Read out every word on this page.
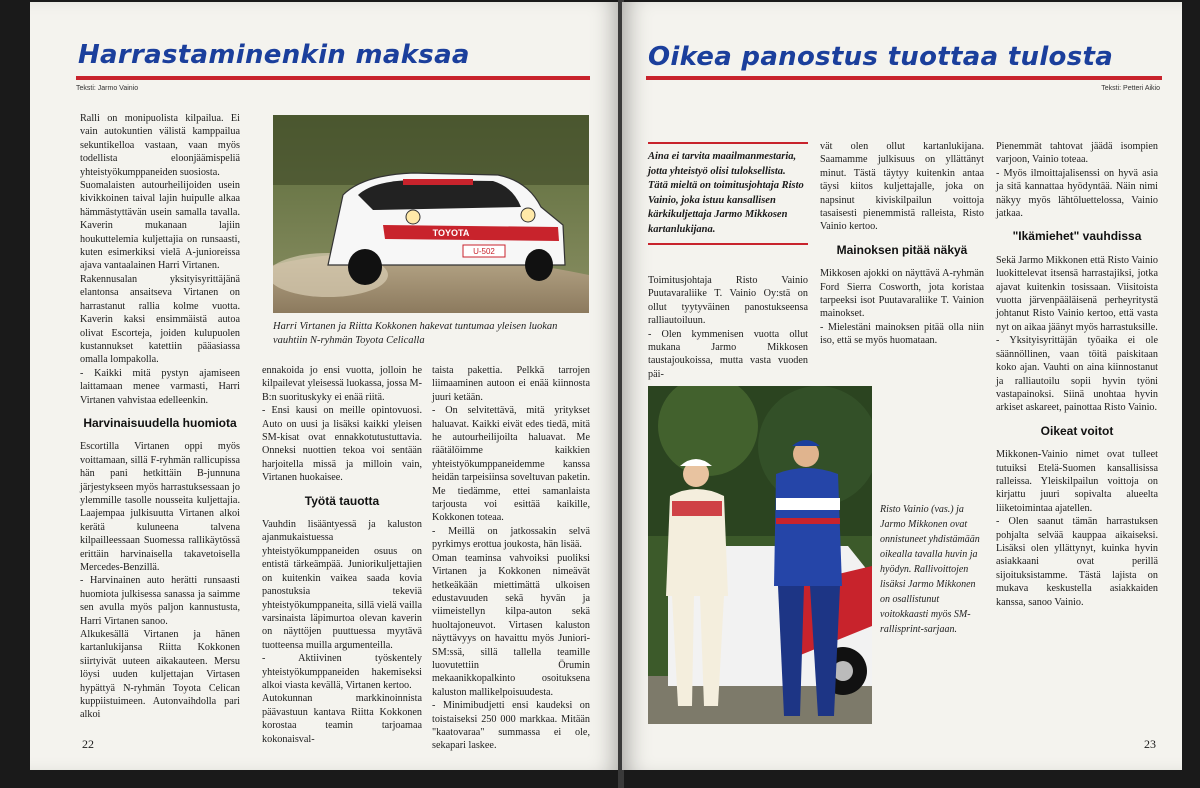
Harrastaminenkin maksaa
Teksti: Jarmo Vainio

Ralli on monipuolista kilpailua. Ei vain autokuntien välistä kamppailua sekuntikelloa vastaan, vaan myös todellista eloonjäämispeliä yhteistyökumppaneiden suosiosta.

Suomalaisten autourheilijoiden usein kivikkoinen taival lajin huipulle alkaa hämmästyttävän usein samalla tavalla. Kaverin mukanaan lajiin houkuttelemia kuljettajia on runsaasti, kuten esimerkiksi vielä A-junioreissa ajava vantaalainen Harri Virtanen.

Rakennusalan yksityisyrittäjänä elantonsa ansaitseva Virtanen on harrastanut rallia kolme vuotta. Kaverin kaksi ensimmäistä autoa olivat Escorteja, joiden kulupuolen kustannukset katettiin pääasiassa omalla lompakolla.

- Kaikki mitä pystyn ajamiseen laittamaan menee varmasti, Harri Virtanen vahvistaa edelleenkin.

Harvinaisuudella huomiota

Escortilla Virtanen oppi myös voittamaan, sillä F-ryhmän rallicupissa hän pani hetkittäin B-junnuna järjestykseen myös harrastuksessaan jo ylemmille tasolle nousseita kuljettajia. Laajempaa julkisuutta Virtanen alkoi kerätä kuluneena talvena kilpailleessaan Suomessa rallikäytössä erittäin harvinaisella takavetoisella Mercedes-Benzillä.

- Harvinainen auto herätti runsaasti huomiota julkisessa sanassa ja saimme sen avulla myös paljon kannustusta, Harri Virtanen sanoo.

Alkukesällä Virtanen ja hänen kartanlukijansa Riitta Kokkonen siirtyivät uuteen aikakauteen. Mersu löysi uuden kuljettajan Virtasen hypättyä N-ryhmän Toyota Celican kuppiistuimeen. Autonvaihdolla pari alkoi

TOYOTA
U-502
Harri Virtanen ja Riitta Kokkonen hakevat tuntumaa yleisen luokan vauhtiin N-ryhmän Toyota Celicalla

ennakoida jo ensi vuotta, jolloin he kilpailevat yleisessä luokassa, jossa M-B:n suorituskyky ei enää riitä.

- Ensi kausi on meille opintovuosi. Auto on uusi ja lisäksi kaikki yleisen SM-kisat ovat ennakkotutustuttavia. Onneksi nuottien tekoa voi sentään harjoitella missä ja milloin vain, Virtanen huokaisee.

Työtä tauotta

Vauhdin lisääntyessä ja kaluston ajanmukaistuessa yhteistyökumppaneiden osuus on entistä tärkeämpää. Juniorikuljettajien on kuitenkin vaikea saada kovia panostuksia tekeviä yhteistyökumppaneita, sillä vielä vailla varsinaista läpimurtoa olevan kaverin on näyttöjen puuttuessa myytävä tuotteensa muilla argumenteilla.

- Aktiivinen työskentely yhteistyökumppaneiden hakemiseksi alkoi viasta kevällä, Virtanen kertoo.

Autokunnan markkinoinnista päävastuun kantava Riitta Kokkonen korostaa teamin tarjoamaa kokonaisval-

taista pakettia. Pelkkä tarrojen liimaaminen autoon ei enää kiinnosta juuri ketään.

- On selvitettävä, mitä yritykset haluavat. Kaikki eivät edes tiedä, mitä he autourheilijoilta haluavat. Me räätälöimme kaikkien yhteistyökumppaneidemme kanssa heidän tarpeisiinsa soveltuvan paketin. Me tiedämme, ettei samanlaista tarjousta voi esittää kaikille, Kokkonen toteaa.

- Meillä on jatkossakin selvä pyrkimys erottua joukosta, hän lisää.

Oman teaminsa vahvoiksi puoliksi Virtanen ja Kokkonen nimeävät hetkeäkään miettimättä ulkoisen edustavuuden sekä hyvän ja viimeistellyn kilpa-auton sekä huoltajoneuvot. Virtasen kaluston näyttävyys on havaittu myös Juniori-SM:ssä, sillä tallella teamille luovutettiin Örumin mekaanikkopalkinto osoituksena kaluston mallikelpoisuudesta.

- Minimibudjetti ensi kaudeksi on toistaiseksi 250 000 markkaa. Mitään "kaatovaraa" summassa ei ole, sekapari laskee.

22
Oikea panostus tuottaa tulosta
Teksti: Petteri Aikio
Aina ei tarvita maailmanmestaria, jotta yhteistyö olisi tuloksellista. Tätä mieltä on toimitusjohtaja Risto Vainio, joka istuu kansallisen kärkikuljettaja Jarmo Mikkosen kartanlukijana.

Toimitusjohtaja Risto Vainio Puutavaraliike T. Vainio Oy:stä on ollut tyytyväinen panostukseensa ralliautoiluun.

- Olen kymmenisen vuotta ollut mukana Jarmo Mikkosen taustajoukoissa, mutta vasta vuoden päi-

vät olen ollut kartanlukijana. Saamamme julkisuus on yllättänyt minut. Tästä täytyy kuitenkin antaa täysi kiitos kuljettajalle, joka on napsinut kiviskilpailun voittoja tasaisesti pienemmistä ralleista, Risto Vainio kertoo.

Mainoksen pitää näkyä

Mikkosen ajokki on näyttävä A-ryhmän Ford Sierra Cosworth, jota koristaa tarpeeksi isot Puutavaraliike T. Vainion mainokset.

- Mielestäni mainoksen pitää olla niin iso, että se myös huomataan.

Risto Vainio (vas.) ja Jarmo Mikkonen ovat onnistuneet yhdistämään oikealla tavalla huvin ja hyödyn. Rallivoittojen lisäksi Jarmo Mikkonen on osallistunut voitokkaasti myös SM-rallisprint-sarjaan.

Pienemmät tahtovat jäädä isompien varjoon, Vainio toteaa.

- Myös ilmoittajalisenssi on hyvä asia ja sitä kannattaa hyödyntää. Näin nimi näkyy myös lähtöluettelossa, Vainio jatkaa.

"Ikämiehet" vauhdissa

Sekä Jarmo Mikkonen että Risto Vainio luokittelevat itsensä harrastajiksi, jotka ajavat kuitenkin tosissaan. Viisitoista vuotta järvenpääläisenä perheyritystä johtanut Risto Vainio kertoo, että vasta nyt on aikaa jäänyt myös harrastuksille.

- Yksityisyrittäjän työaika ei ole säännöllinen, vaan töitä paiskitaan koko ajan. Vauhti on aina kiinnostanut ja ralliautoilu sopii hyvin työni vastapainoksi. Siinä unohtaa hyvin arkiset askareet, painottaa Risto Vainio.

Oikeat voitot

Mikkonen-Vainio nimet ovat tulleet tutuiksi Etelä-Suomen kansallisissa ralleissa. Yleiskilpailun voittoja on kirjattu juuri sopivalta alueelta liiketoimintaa ajatellen.

- Olen saanut tämän harrastuksen pohjalta selvää kauppaa aikaiseksi. Lisäksi olen yllättynyt, kuinka hyvin asiakkaani ovat perillä sijoituksistamme. Tästä lajista on mukava keskustella asiakkaiden kanssa, sanoo Vainio.

23
